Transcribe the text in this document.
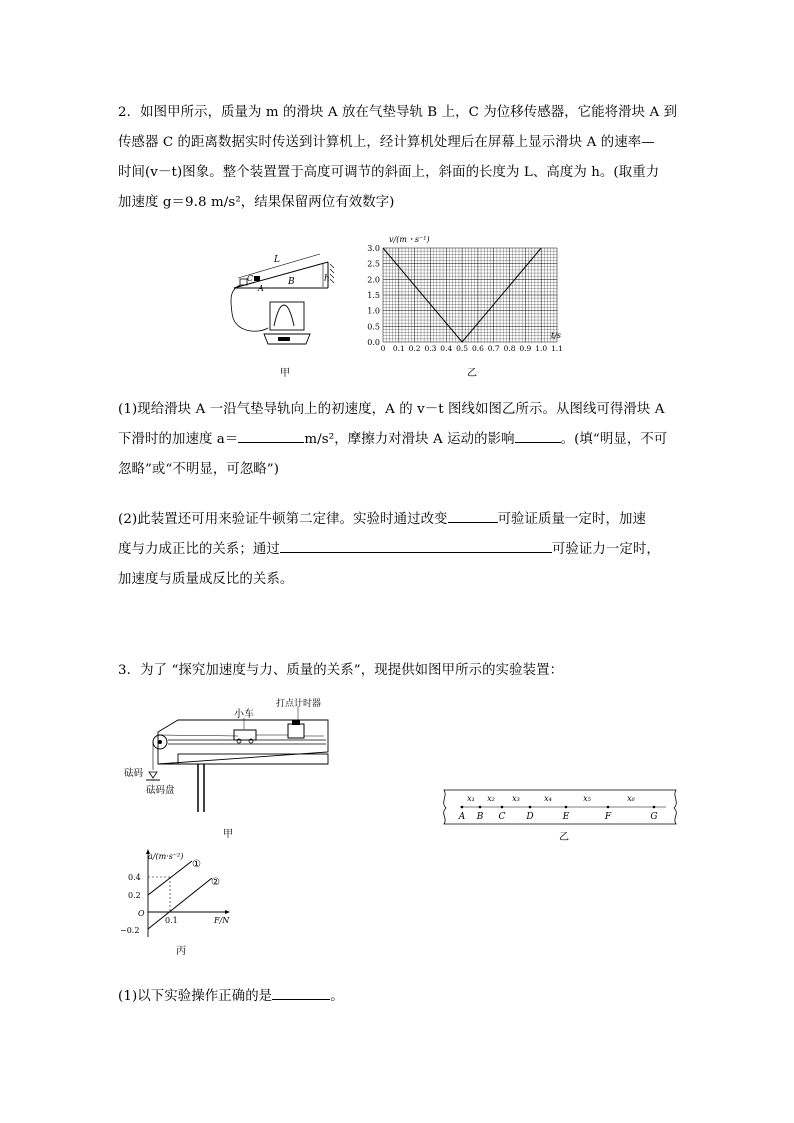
2．如图甲所示，质量为 m 的滑块 A 放在气垫导轨 B 上，C 为位移传感器，它能将滑块 A 到
传感器 C 的距离数据实时传送到计算机上，经计算机处理后在屏幕上显示滑块 A 的速率—
时间(v－t)图象。整个装置置于高度可调节的斜面上，斜面的长度为 L、高度为 h。(取重力
加速度 g＝9.8 m/s²，结果保留两位有效数字)
L
h
C
A
B
甲
3.0
2.5
2.0
1.5
1.0
0.5
0.0
0 0.1 0.2 0.3 0.4 0.5 0.6 0.7 0.8 0.9 1.0 1.1
v/(m・s⁻¹)
t/s
乙
(1)现给滑块 A 一沿气垫导轨向上的初速度，A 的 v－t 图线如图乙所示。从图线可得滑块 A
下滑时的加速度 a＝	m/s²，摩擦力对滑块 A 运动的影响	。(填“明显，不可
忽略”或“不明显，可忽略”)
(2)此装置还可用来验证牛顿第二定律。实验时通过改变	可验证质量一定时，加速
度与力成正比的关系；通过	可验证力一定时，
加速度与质量成反比的关系。
3．为了 “探究加速度与力、质量的关系”，现提供如图甲所示的实验装置：
小车
打点计时器
砝码
砝码盘
甲
A B C D	E	F	G
x₁ x₂ x₃	x₄	x₅	x₆
乙
a/(m·s⁻²)
0.4
0.2
O
−0.2
0.1	F/N
①
②
丙
(1)以下实验操作正确的是	。
